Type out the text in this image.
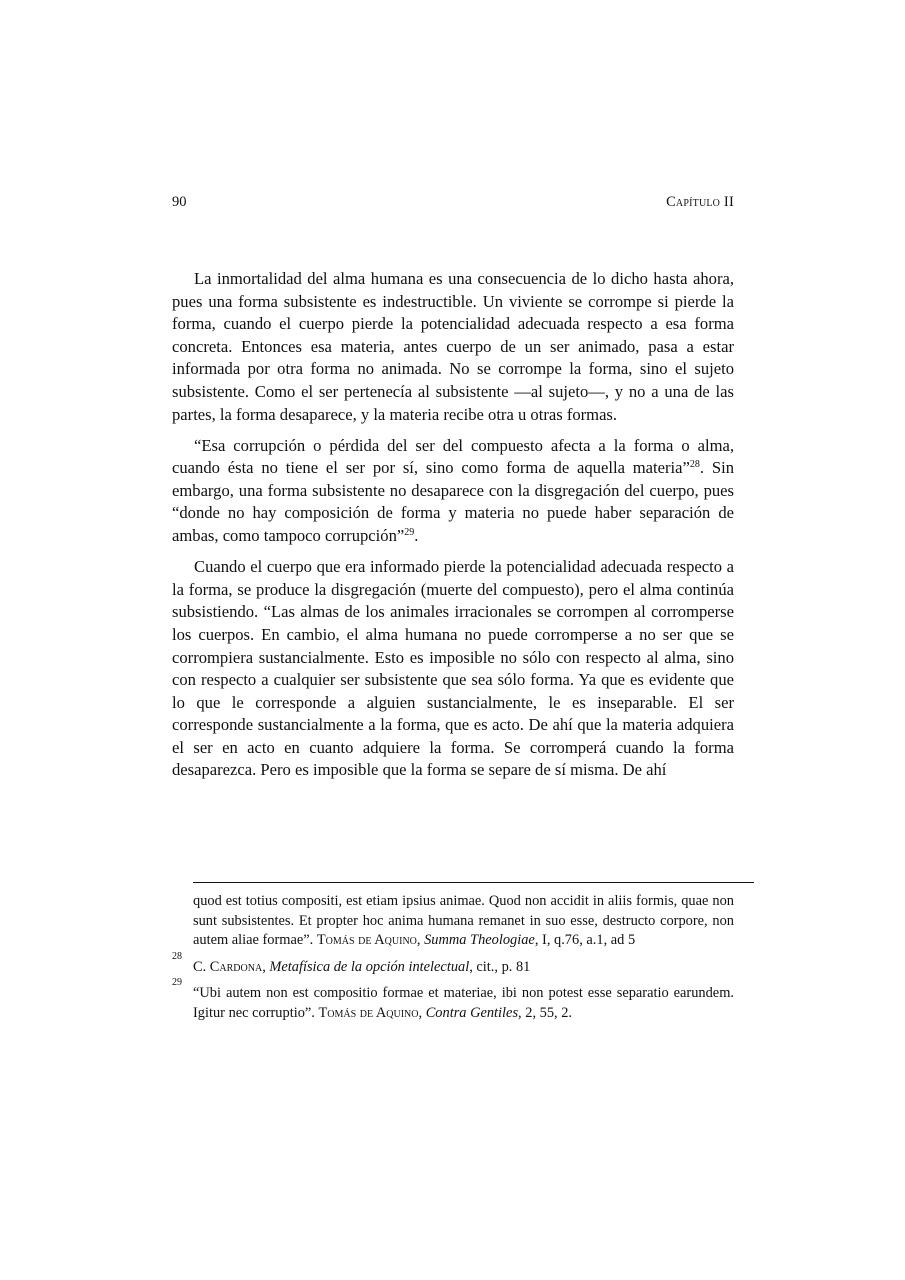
90	Capítulo II

La inmortalidad del alma humana es una consecuencia de lo dicho hasta ahora, pues una forma subsistente es indestructible. Un viviente se corrompe si pierde la forma, cuando el cuerpo pierde la potencialidad adecuada respecto a esa forma concreta. Entonces esa materia, antes cuerpo de un ser animado, pasa a estar informada por otra forma no animada. No se corrompe la forma, sino el sujeto subsistente. Como el ser pertenecía al subsistente —al sujeto—, y no a una de las partes, la forma desaparece, y la materia recibe otra u otras formas.

“Esa corrupción o pérdida del ser del compuesto afecta a la forma o alma, cuando ésta no tiene el ser por sí, sino como forma de aquella materia”$^{28}$. Sin embargo, una forma subsistente no desaparece con la disgregación del cuerpo, pues “donde no hay composición de forma y materia no puede haber separación de ambas, como tampoco corrupción”$^{29}$.

Cuando el cuerpo que era informado pierde la potencialidad adecuada respecto a la forma, se produce la disgregación (muerte del compuesto), pero el alma continúa subsistiendo. “Las almas de los animales irracionales se corrompen al corromperse los cuerpos. En cambio, el alma humana no puede corromperse a no ser que se corrompiera sustancialmente. Esto es imposible no sólo con respecto al alma, sino con respecto a cualquier ser subsistente que sea sólo forma. Ya que es evidente que lo que le corresponde a alguien sustancialmente, le es inseparable. El ser corresponde sustancialmente a la forma, que es acto. De ahí que la materia adquiera el ser en acto en cuanto adquiere la forma. Se corromperá cuando la forma desaparezca. Pero es imposible que la forma se separe de sí misma. De ahí

quod est totius compositi, est etiam ipsius animae. Quod non accidit in aliis formis, quae non sunt subsistentes. Et propter hoc anima humana remanet in suo esse, destructo corpore, non autem aliae formae”. Tomás de Aquino, Summa Theologiae, I, q.76, a.1, ad 5
28
C. Cardona, Metafísica de la opción intelectual, cit., p. 81
29
“Ubi autem non est compositio formae et materiae, ibi non potest esse separatio earundem. Igitur nec corruptio”. Tomás de Aquino, Contra Gentiles, 2, 55, 2.
